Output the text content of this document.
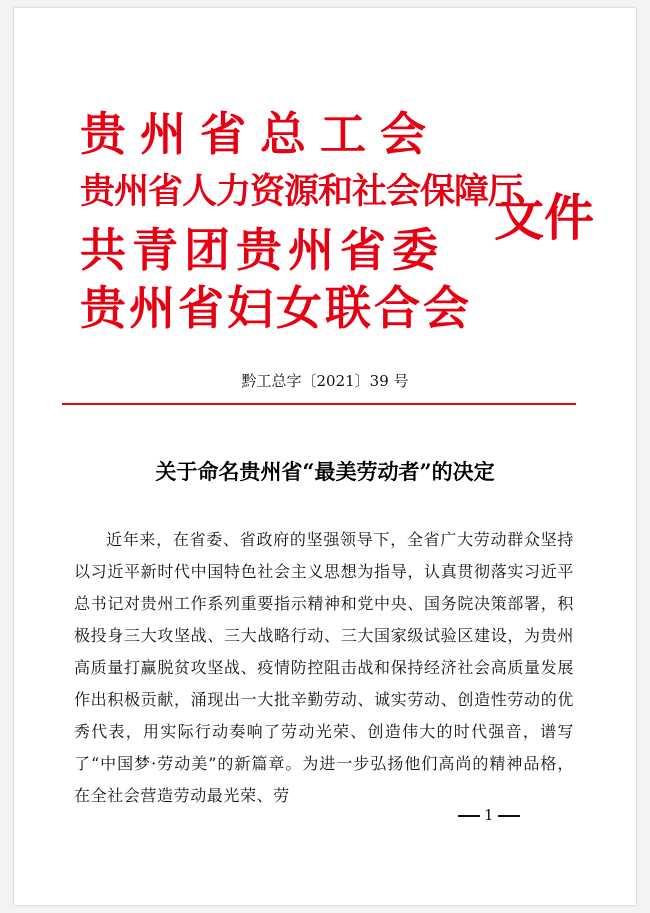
贵州省总工会
贵州省人力资源和社会保障厅
共青团贵州省委
贵州省妇女联合会
文件
黔工总字〔2021〕39 号
关于命名贵州省“最美劳动者”的决定

近年来，在省委、省政府的坚强领导下，全省广大劳动群众坚持以习近平新时代中国特色社会主义思想为指导，认真贯彻落实习近平总书记对贵州工作系列重要指示精神和党中央、国务院决策部署，积极投身三大攻坚战、三大战略行动、三大国家级试验区建设，为贵州高质量打赢脱贫攻坚战、疫情防控阻击战和保持经济社会高质量发展作出积极贡献，涌现出一大批辛勤劳动、诚实劳动、创造性劳动的优秀代表，用实际行动奏响了劳动光荣、创造伟大的时代强音，谱写了“中国梦·劳动美”的新篇章。为进一步弘扬他们高尚的精神品格，在全社会营造劳动最光荣、劳

1
